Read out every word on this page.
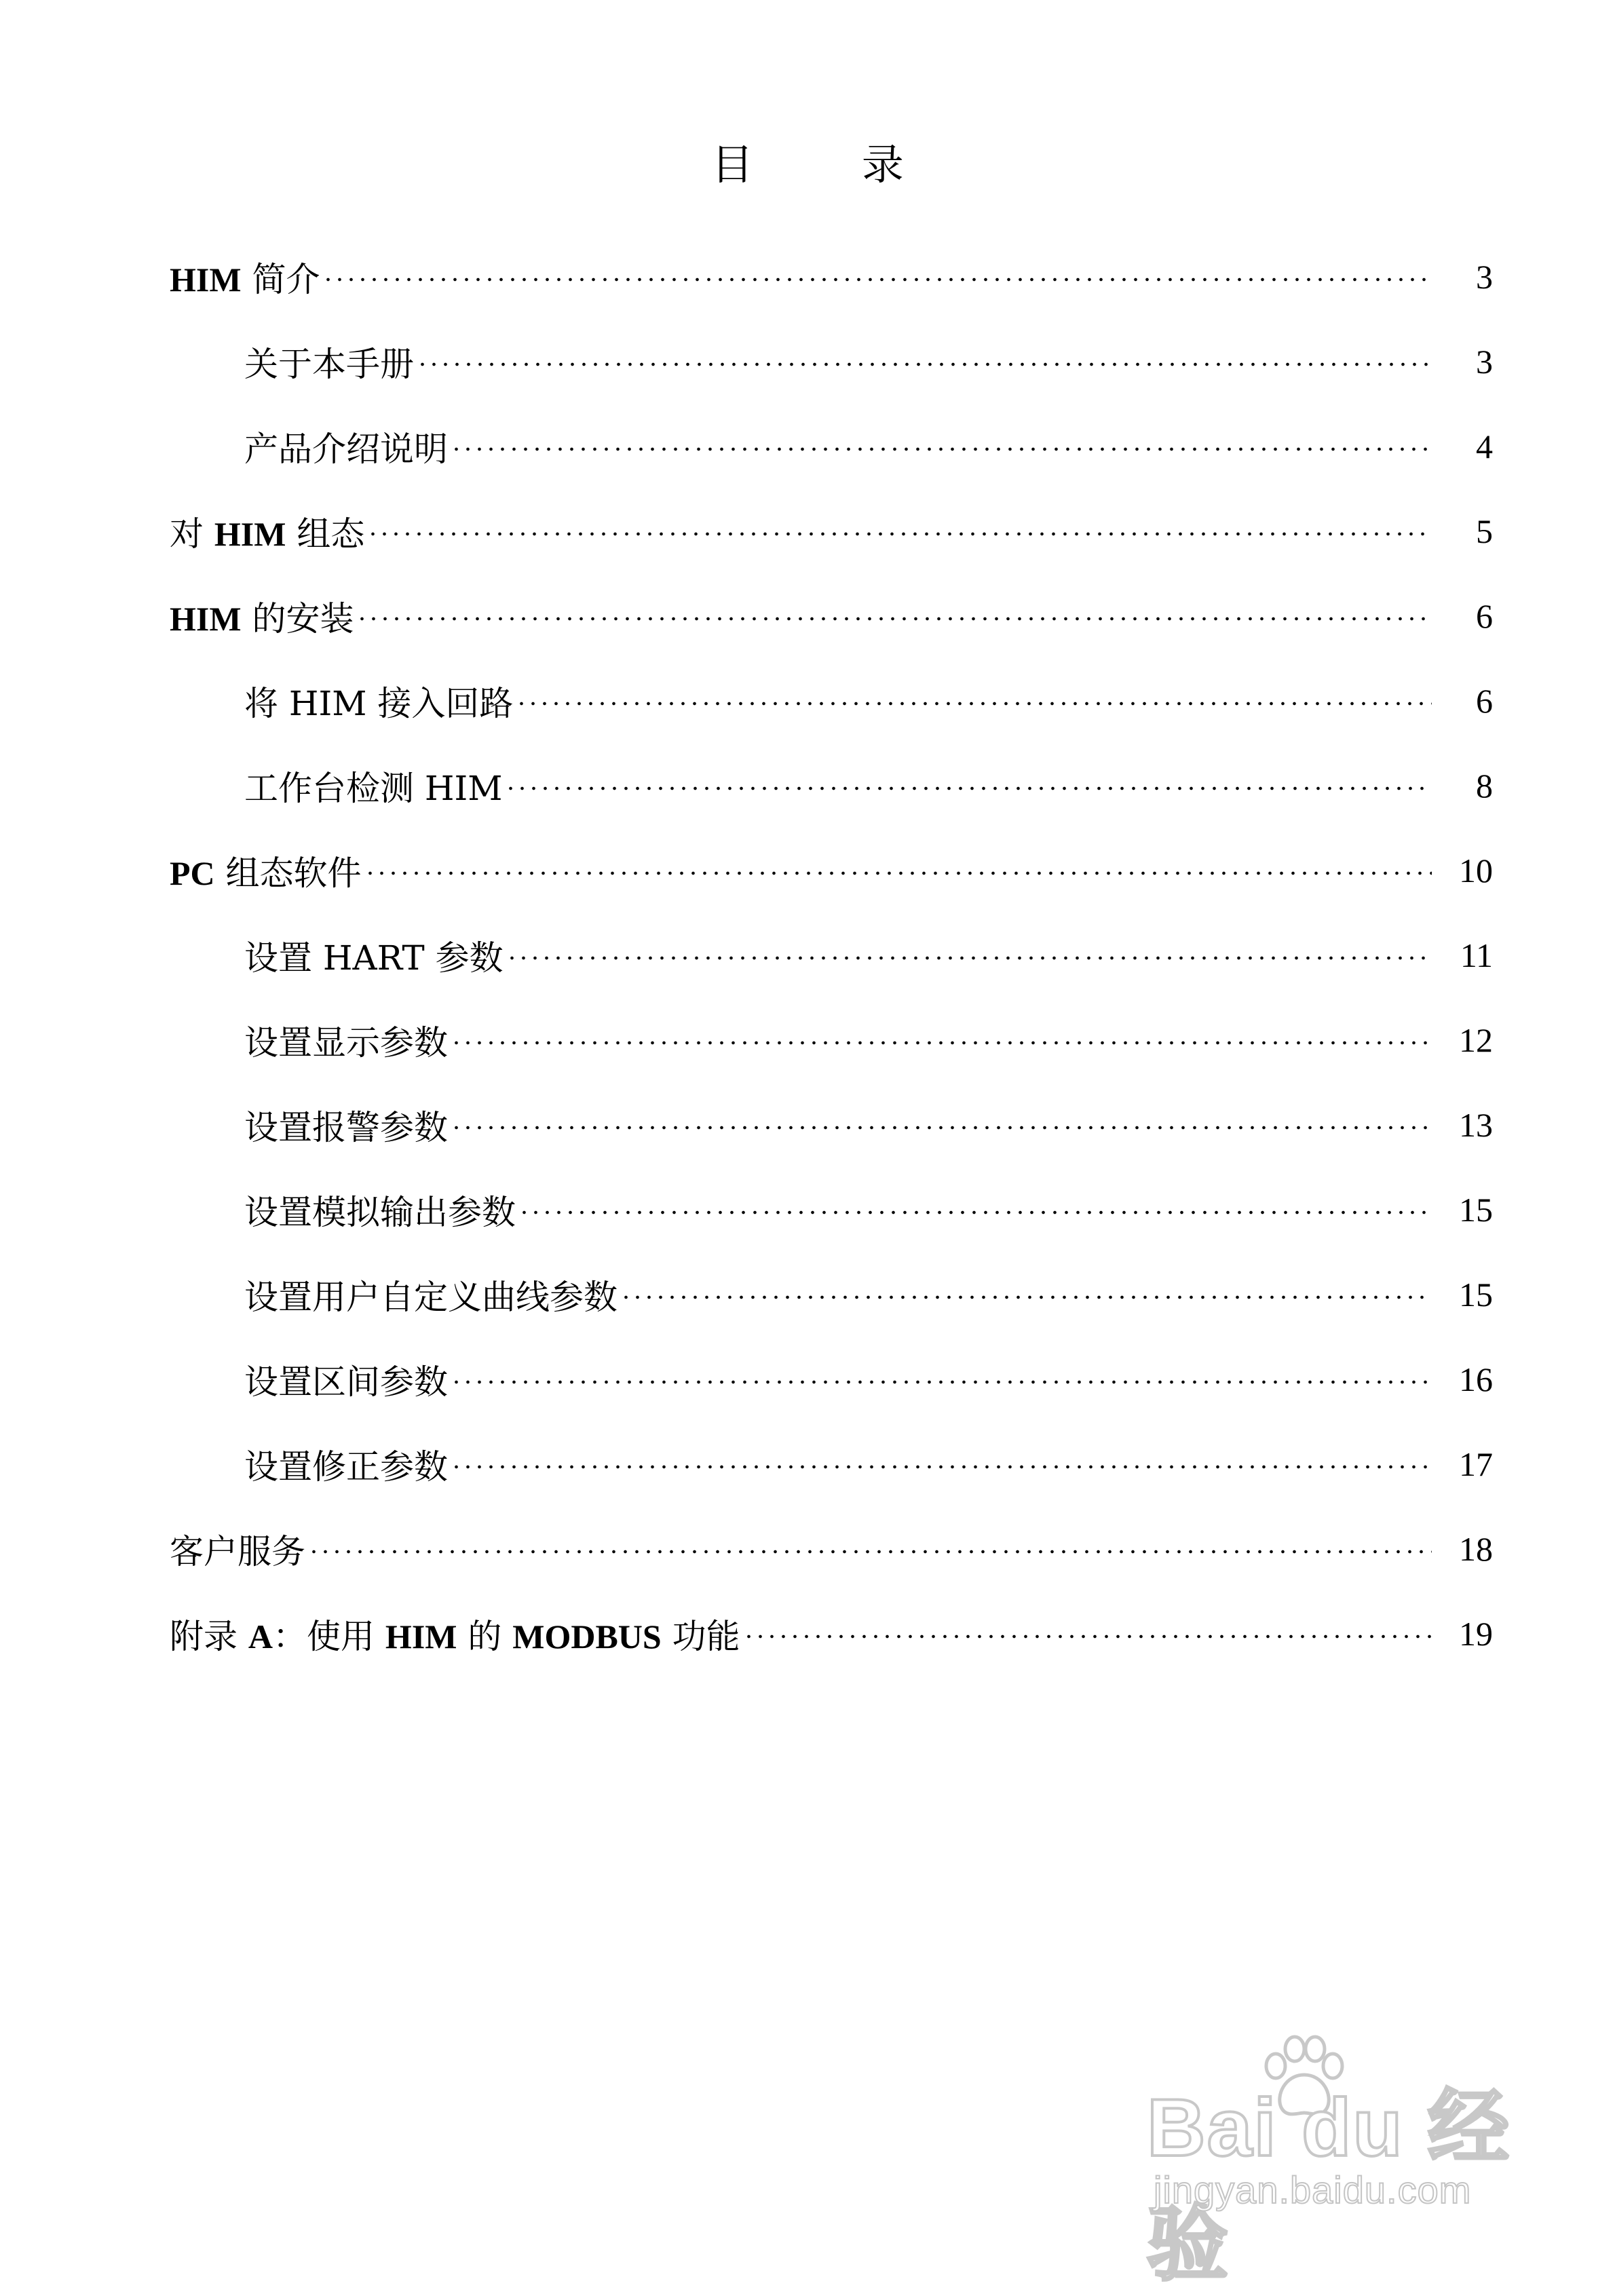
目 录
HIM 简介	3
关于本手册	3
产品介绍说明	4
对 HIM 组态	5
HIM 的安装	6
将 HIM 接入回路	6
工作台检测 HIM	8
PC 组态软件	10
设置 HART 参数	11
设置显示参数	12
设置报警参数	13
设置模拟输出参数	15
设置用户自定义曲线参数	15
设置区间参数	16
设置修正参数	17
客户服务	18
附录 A：使用 HIM 的 MODBUS 功能	19
Bai du 经验
jingyan.baidu.com
